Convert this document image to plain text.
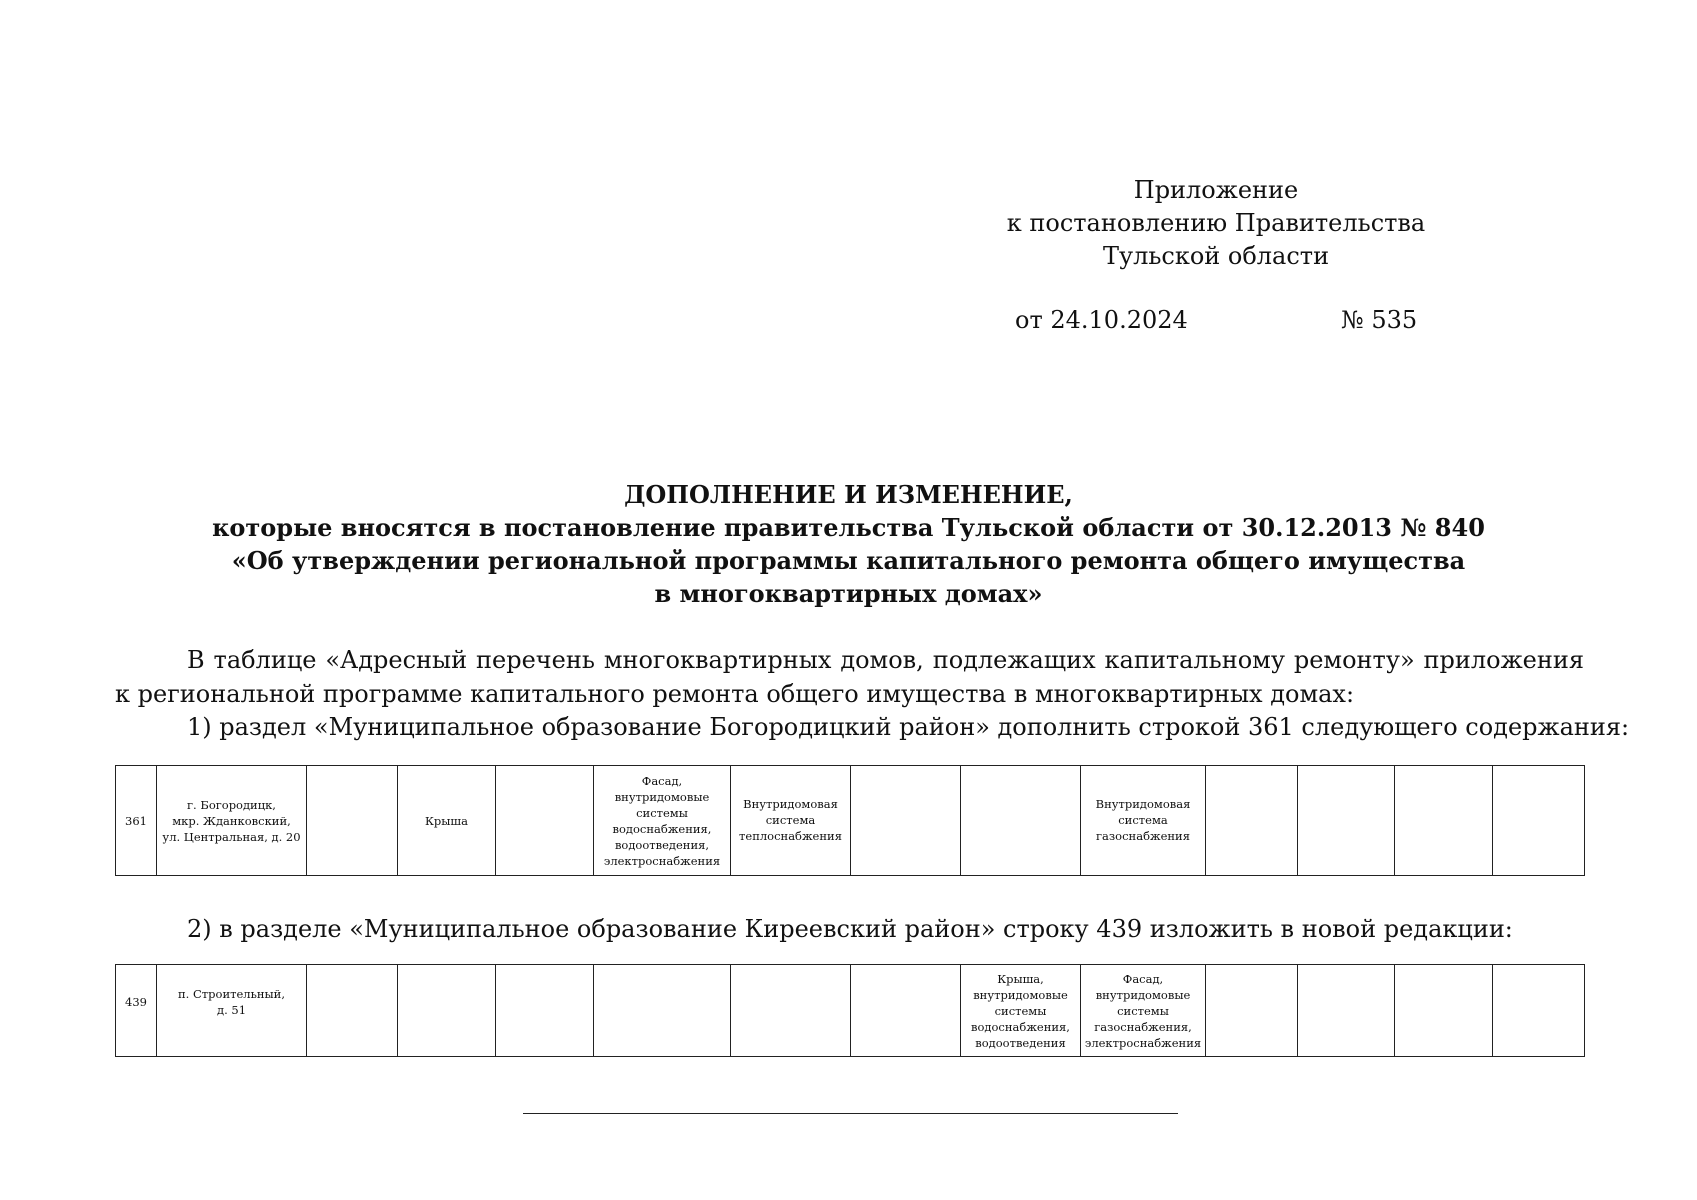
Приложение
к постановлению Правительства
Тульской области
от 24.10.2024	№ 535
ДОПОЛНЕНИЕ И ИЗМЕНЕНИЕ,
которые вносятся в постановление правительства Тульской области от 30.12.2013 № 840
«Об утверждении региональной программы капитального ремонта общего имущества
в многоквартирных домах»
В таблице «Адресный перечень многоквартирных домов, подлежащих капитальному ремонту» приложения к региональной программе капитального ремонта общего имущества в многоквартирных домах:
1) раздел «Муниципальное образование Богородицкий район» дополнить строкой 361 следующего содержания:
361	г. Богородицк,
мкр. Жданковский,
ул. Центральная, д. 20		Крыша		Фасад,
внутридомовые
системы
водоснабжения,
водоотведения,
электроснабжения	Внутридомовая
система
теплоснабжения			Внутридомовая
система
газоснабжения				
2) в разделе «Муниципальное образование Киреевский район» строку 439 изложить в новой редакции:
439	п. Строительный,
д. 51							Крыша,
внутридомовые
системы
водоснабжения,
водоотведения	Фасад,
внутридомовые
системы
газоснабжения,
электроснабжения				
